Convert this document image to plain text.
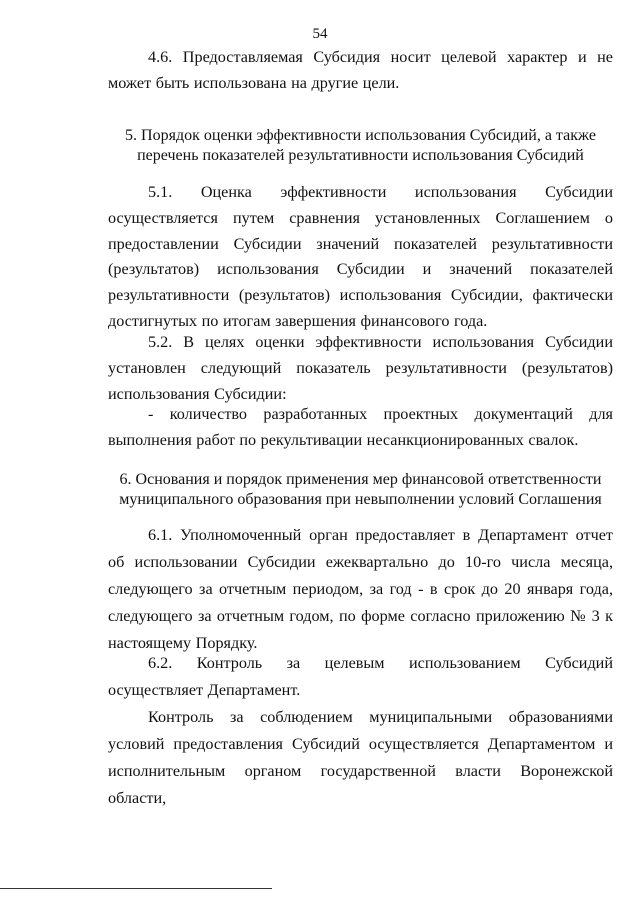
54

4.6. Предоставляемая Субсидия носит целевой характер и не может быть использована на другие цели.

5. Порядок оценки эффективности использования Субсидий, а также перечень показателей результативности использования Субсидий

5.1. Оценка эффективности использования Субсидии осуществляется путем сравнения установленных Соглашением о предоставлении Субсидии значений показателей результативности (результатов) использования Субсидии и значений показателей результативности (результатов) использования Субсидии, фактически достигнутых по итогам завершения финансового года.

5.2. В целях оценки эффективности использования Субсидии установлен следующий показатель результативности (результатов) использования Субсидии:

- количество разработанных проектных документаций для выполнения работ по рекультивации несанкционированных свалок.

6. Основания и порядок применения мер финансовой ответственности муниципального образования при невыполнении условий Соглашения

6.1. Уполномоченный орган предоставляет в Департамент отчет об использовании Субсидии ежеквартально до 10-го числа месяца, следующего за отчетным периодом, за год - в срок до 20 января года, следующего за отчетным годом, по форме согласно приложению № 3 к настоящему Порядку.

6.2. Контроль за целевым использованием Субсидий осуществляет Департамент.

Контроль за соблюдением муниципальными образованиями условий предоставления Субсидий осуществляется Департаментом и исполнительным органом государственной власти Воронежской области,
